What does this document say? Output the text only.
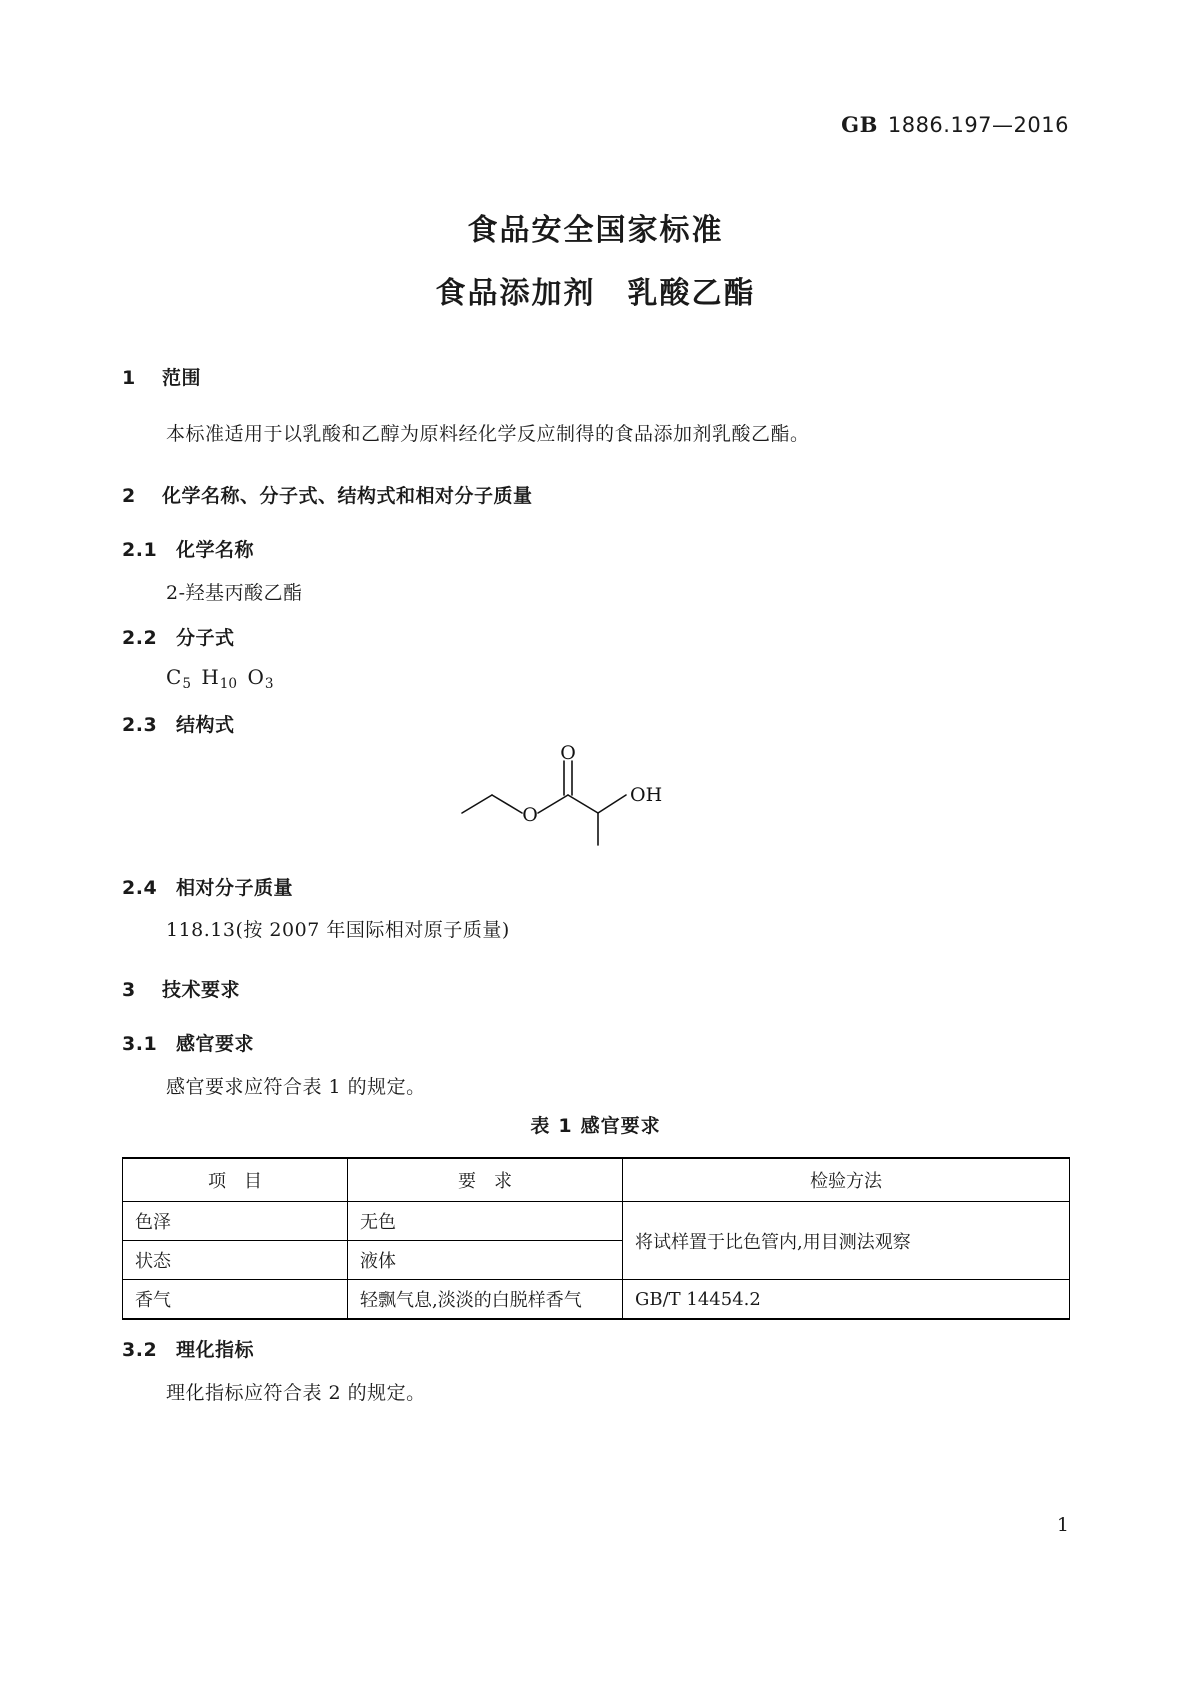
GB 1886.197—2016
食品安全国家标准
食品添加剂　乳酸乙酯
1 范围
本标准适用于以乳酸和乙醇为原料经化学反应制得的食品添加剂乳酸乙酯。
2 化学名称、分子式、结构式和相对分子质量
2.1 化学名称
2-羟基丙酸乙酯
2.2 分子式
$C_5$  $H_{10}$  $O_3$
2.3 结构式
O
O
OH
2.4 相对分子质量
118.13(按 2007 年国际相对原子质量)
3 技术要求
3.1 感官要求
感官要求应符合表 1 的规定。
表 1 感官要求
项　目	要　求	检验方法
色泽	无色	将试样置于比色管内,用目测法观察
状态	液体	
香气	轻飘气息,淡淡的白脱样香气	GB/T 14454.2
3.2 理化指标
理化指标应符合表 2 的规定。
1
